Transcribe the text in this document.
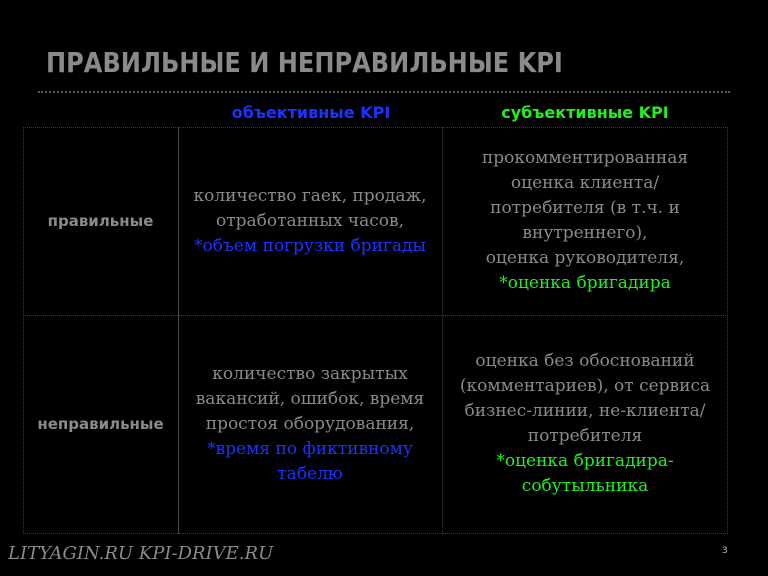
ПРАВИЛЬНЫЕ И НЕПРАВИЛЬНЫЕ KPI
объективные KPI	субъективные KPI
правильные
количество гаек, продаж,
отработанных часов,
*объем погрузки бригады
прокомментированная
оценка клиента/
потребителя (в т.ч. и
внутреннего),
оценка руководителя,
*оценка бригадира
неправильные
количество закрытых
вакансий, ошибок, время
простоя оборудования,
*время по фиктивному
табелю
оценка без обоснований
(комментариев), от сервиса
бизнес-линии, не-клиента/
потребителя
*оценка бригадира-
собутыльника
LITYAGIN.RU KPI-DRIVE.RU	3
